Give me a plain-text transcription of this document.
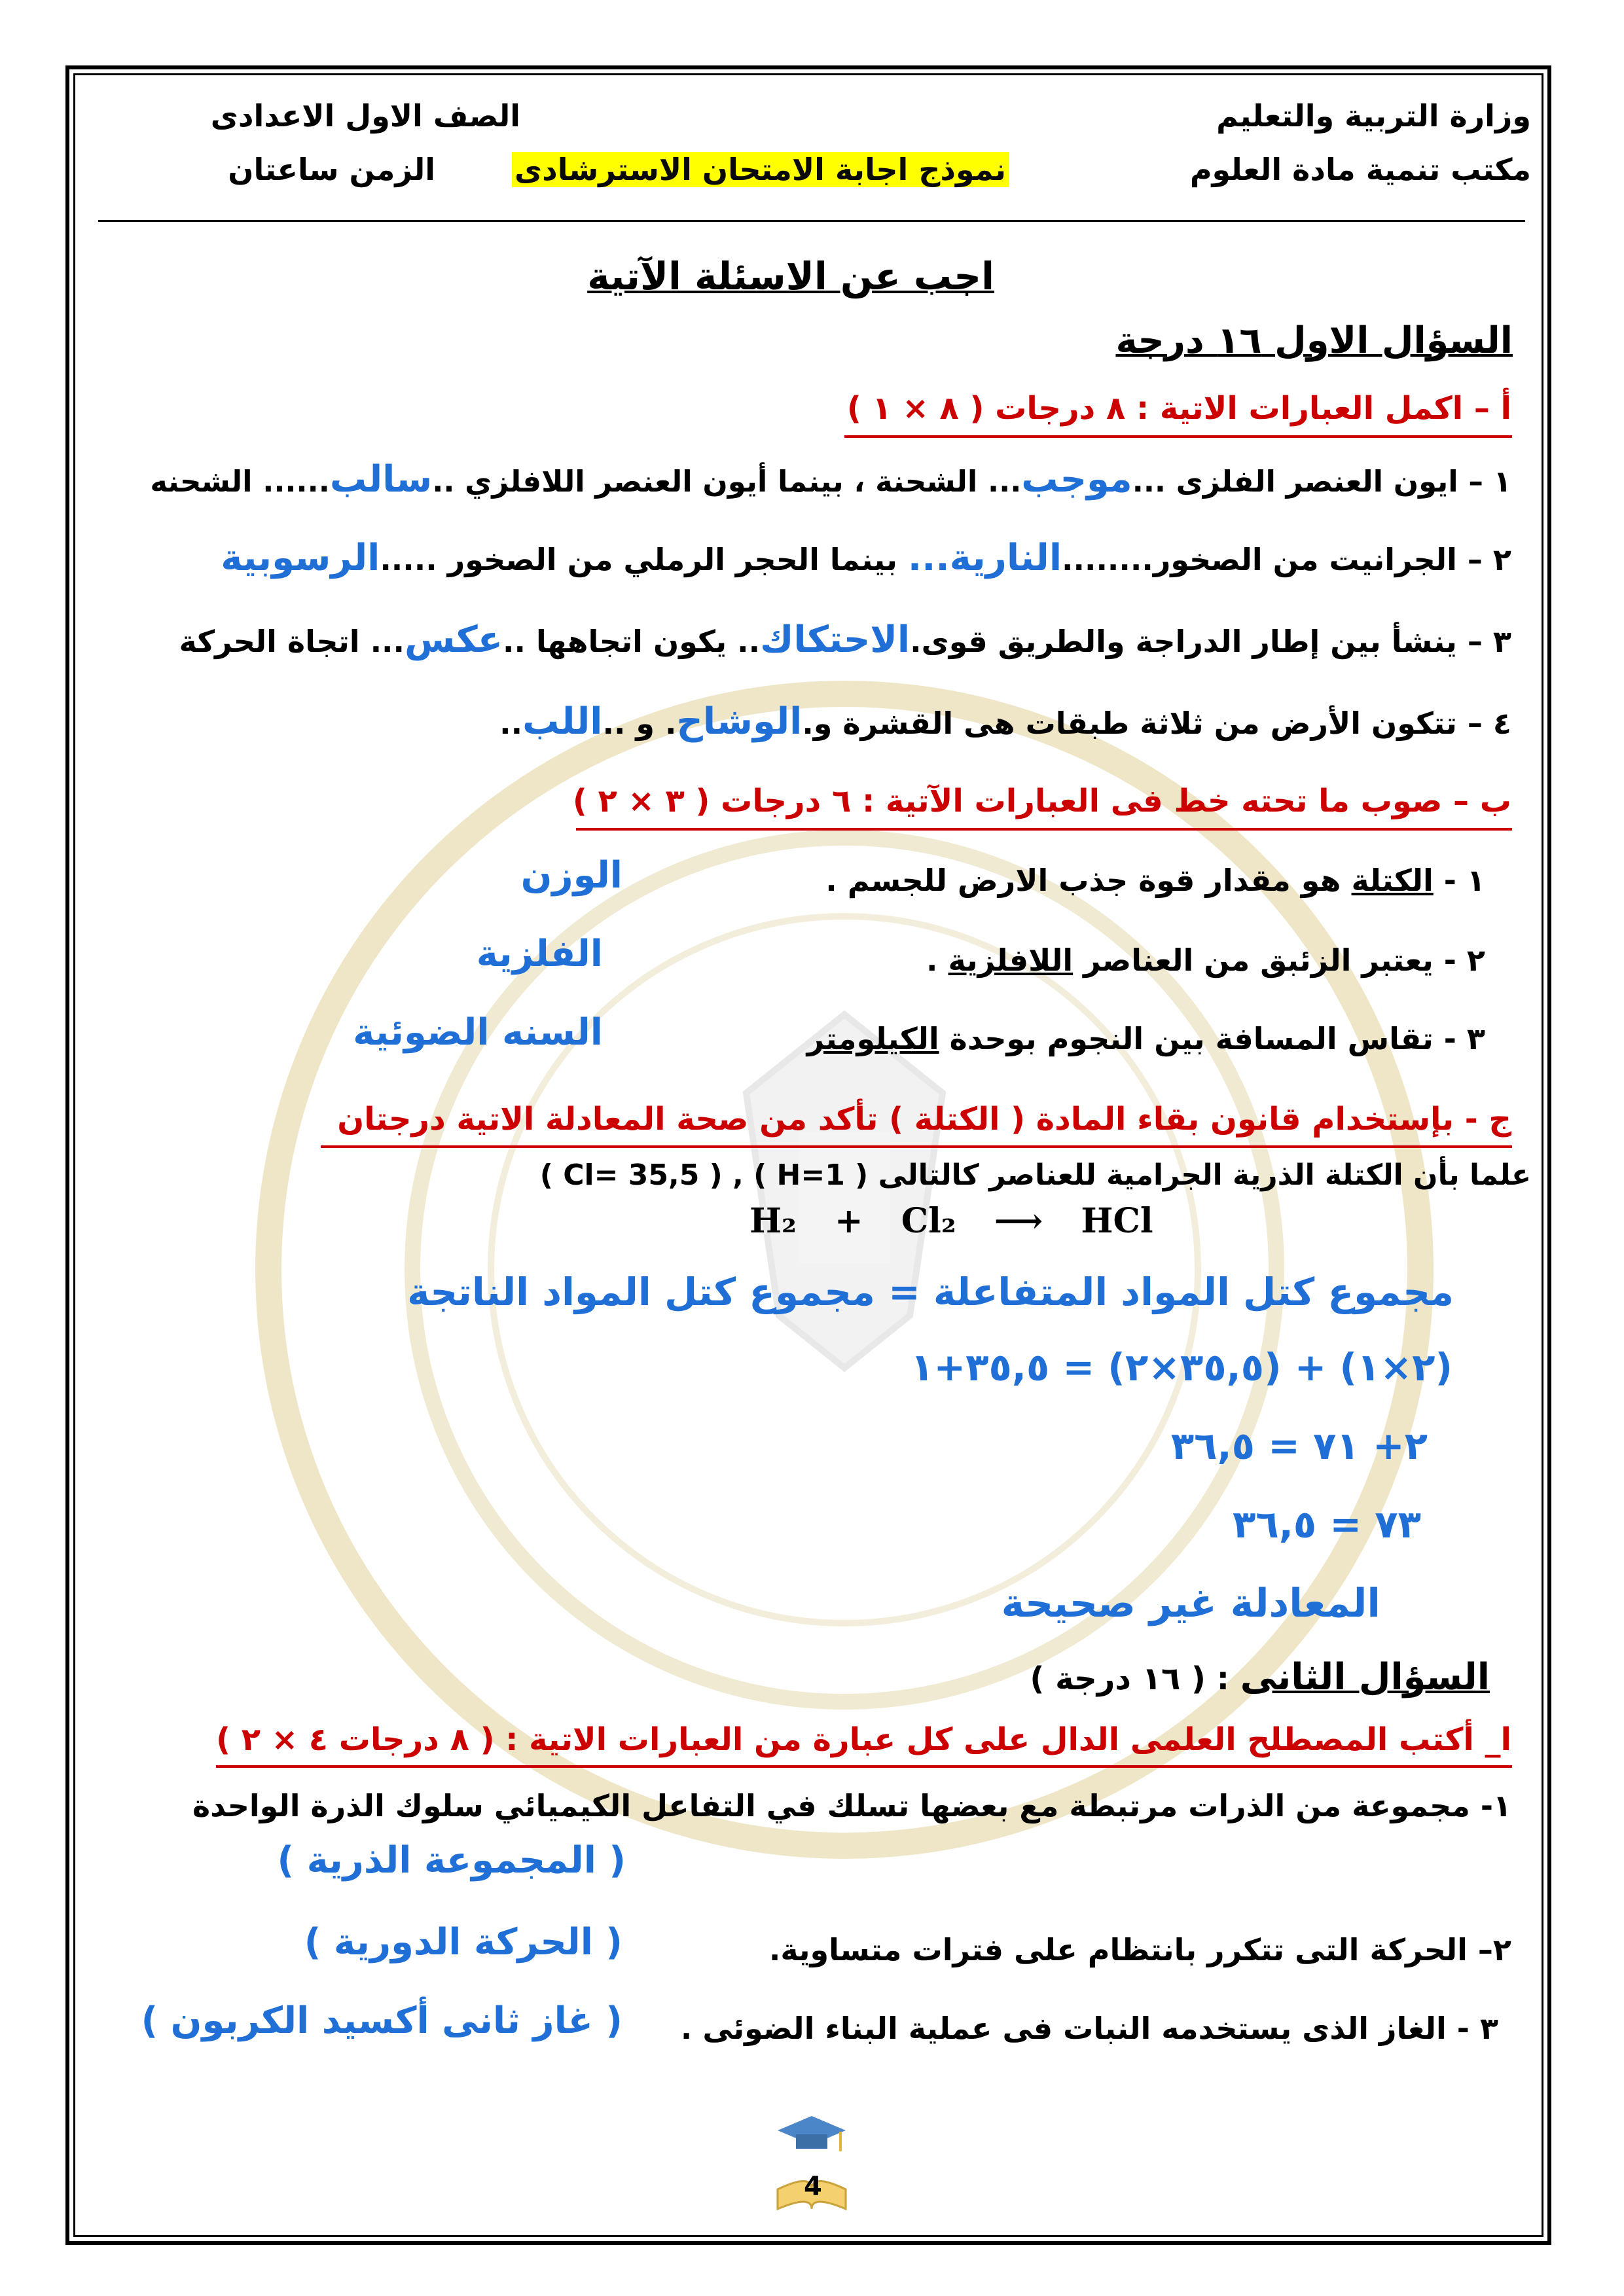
وزارة التربية والتعليم
مكتب تنمية مادة العلوم
الصف الاول الاعدادى
نموذج اجابة الامتحان الاسترشادى
الزمن ساعتان
اجب عن الاسئلة الآتية
السؤال الاول ١٦ درجة
أ – اكمل العبارات الاتية : ٨ درجات ( ٨ × ١ )
١ – ايون العنصر الفلزى ...موجب... الشحنة ، بينما أيون العنصر اللافلزي ..سالب...... الشحنه
٢ – الجرانيت من الصخور........النارية... بينما الحجر الرملي من الصخور .....الرسوبية
٣ – ينشأ بين إطار الدراجة والطريق قوى.الاحتكاك.. يكون اتجاهها ..عكس... اتجاة الحركة
٤ – تتكون الأرض من ثلاثة طبقات هى القشرة و.الوشاح. و ..اللب..
ب – صوب ما تحته خط فى العبارات الآتية : ٦ درجات ( ٣ × ٢ )
١ - الكتلة هو مقدار قوة جذب الارض للجسم .
الوزن
٢ - يعتبر الزئبق من العناصر اللافلزية .
الفلزية
٣ - تقاس المسافة بين النجوم بوحدة الكيلومتر
السنه الضوئية
ج - بإستخدام قانون بقاء المادة ( الكتلة ) تأكد من صحة المعادلة الاتية درجتان
علما بأن الكتلة الذرية الجرامية للعناصر كالتالى ( H=1 ) , ( Cl= 35,5 )
H₂ + Cl₂ ⟶ HCl
مجموع كتل المواد المتفاعلة = مجموع كتل المواد الناتجة
(٢×١) + (٣٥,٥×٢) = ٣٥,٥+١
٢+ ٧١ = ٣٦,٥
٧٣ = ٣٦,٥
المعادلة غير صحيحة
السؤال الثانى : ( ١٦ درجة )
ا_ أكتب المصطلح العلمى الدال على كل عبارة من العبارات الاتية : ( ٨ درجات ٤ × ٢ )
١- مجموعة من الذرات مرتبطة مع بعضها تسلك في التفاعل الكيميائي سلوك الذرة الواحدة
( المجموعة الذرية )
٢– الحركة التى تتكرر بانتظام على فترات متساوية.
( الحركة الدورية )
٣ - الغاز الذى يستخدمه النبات فى عملية البناء الضوئى .
( غاز ثانى أكسيد الكربون )
4
